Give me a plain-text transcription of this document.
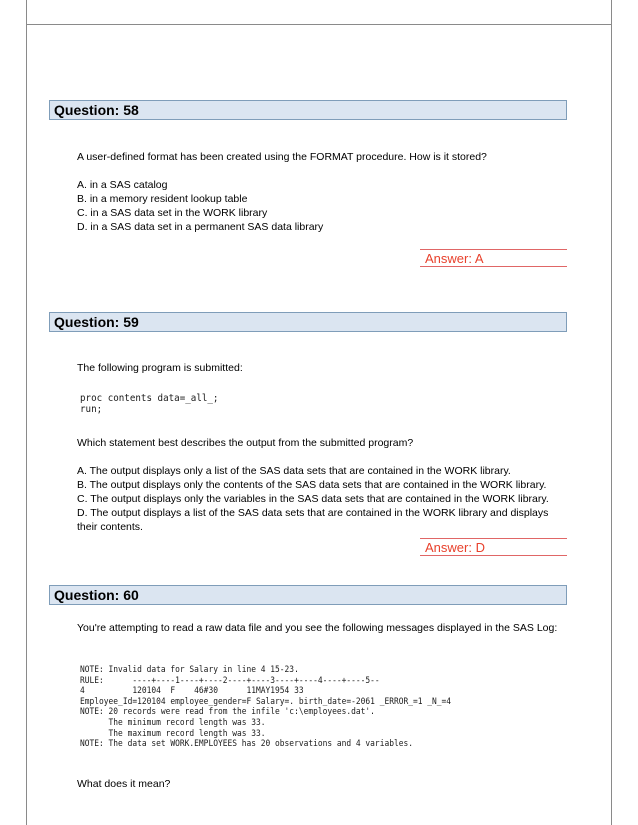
Question: 58

A user-defined format has been created using the FORMAT procedure. How is it stored?

A. in a SAS catalog

B. in a memory resident lookup table

C. in a SAS data set in the WORK library

D. in a SAS data set in a permanent SAS data library

Answer: A
Question: 59

The following program is submitted:

proc contents data=_all_;
run;

Which statement best describes the output from the submitted program?

A. The output displays only a list of the SAS data sets that are contained in the WORK library.

B. The output displays only the contents of the SAS data sets that are contained in the WORK library.

C. The output displays only the variables in the SAS data sets that are contained in the WORK library.

D. The output displays a list of the SAS data sets that are contained in the WORK library and displays their contents.

Answer: D
Question: 60

You're attempting to read a raw data file and you see the following messages displayed in the SAS Log:

NOTE: Invalid data for Salary in line 4 15-23.
RULE:      ----+----1----+----2----+----3----+----4----+----5--
4          120104  F    46#30      11MAY1954 33
Employee_Id=120104 employee_gender=F Salary=. birth_date=-2061 _ERROR_=1 _N_=4
NOTE: 20 records were read from the infile 'c:\employees.dat'.
The minimum record length was 33.
The maximum record length was 33.
NOTE: The data set WORK.EMPLOYEES has 20 observations and 4 variables.

What does it mean?
